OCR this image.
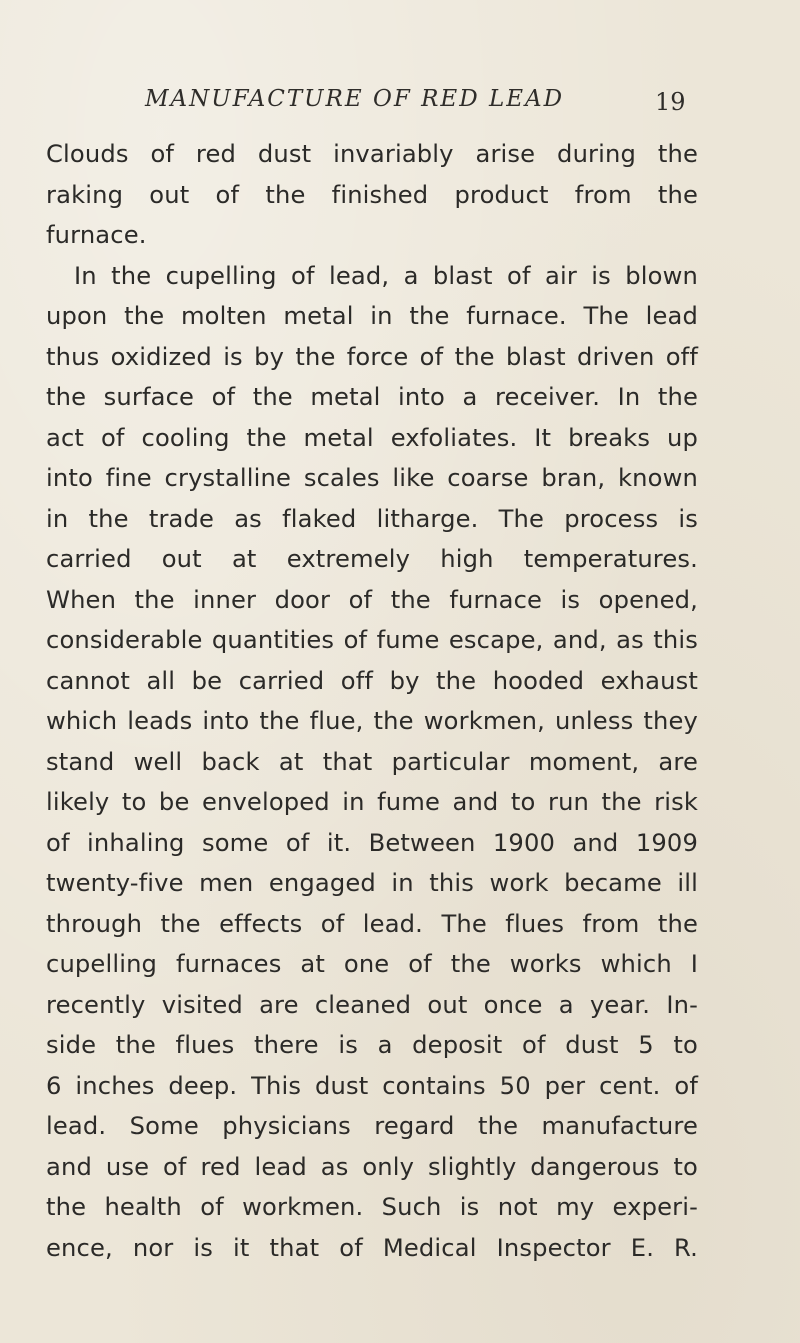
MANUFACTURE OF RED LEAD	19
Clouds of red dust invariably arise during the
raking out of the finished product from the
furnace.
In the cupelling of lead, a blast of air is blown
upon the molten metal in the furnace. The lead
thus oxidized is by the force of the blast driven off
the surface of the metal into a receiver. In the
act of cooling the metal exfoliates. It breaks up
into fine crystalline scales like coarse bran, known
in the trade as flaked litharge. The process is
carried out at extremely high temperatures.
When the inner door of the furnace is opened,
considerable quantities of fume escape, and, as this
cannot all be carried off by the hooded exhaust
which leads into the flue, the workmen, unless they
stand well back at that particular moment, are
likely to be enveloped in fume and to run the risk
of inhaling some of it. Between 1900 and 1909
twenty-five men engaged in this work became ill
through the effects of lead. The flues from the
cupelling furnaces at one of the works which I
recently visited are cleaned out once a year. In-
side the flues there is a deposit of dust 5 to
6 inches deep. This dust contains 50 per cent. of
lead. Some physicians regard the manufacture
and use of red lead as only slightly dangerous to
the health of workmen. Such is not my experi-
ence, nor is it that of Medical Inspector E. R.
